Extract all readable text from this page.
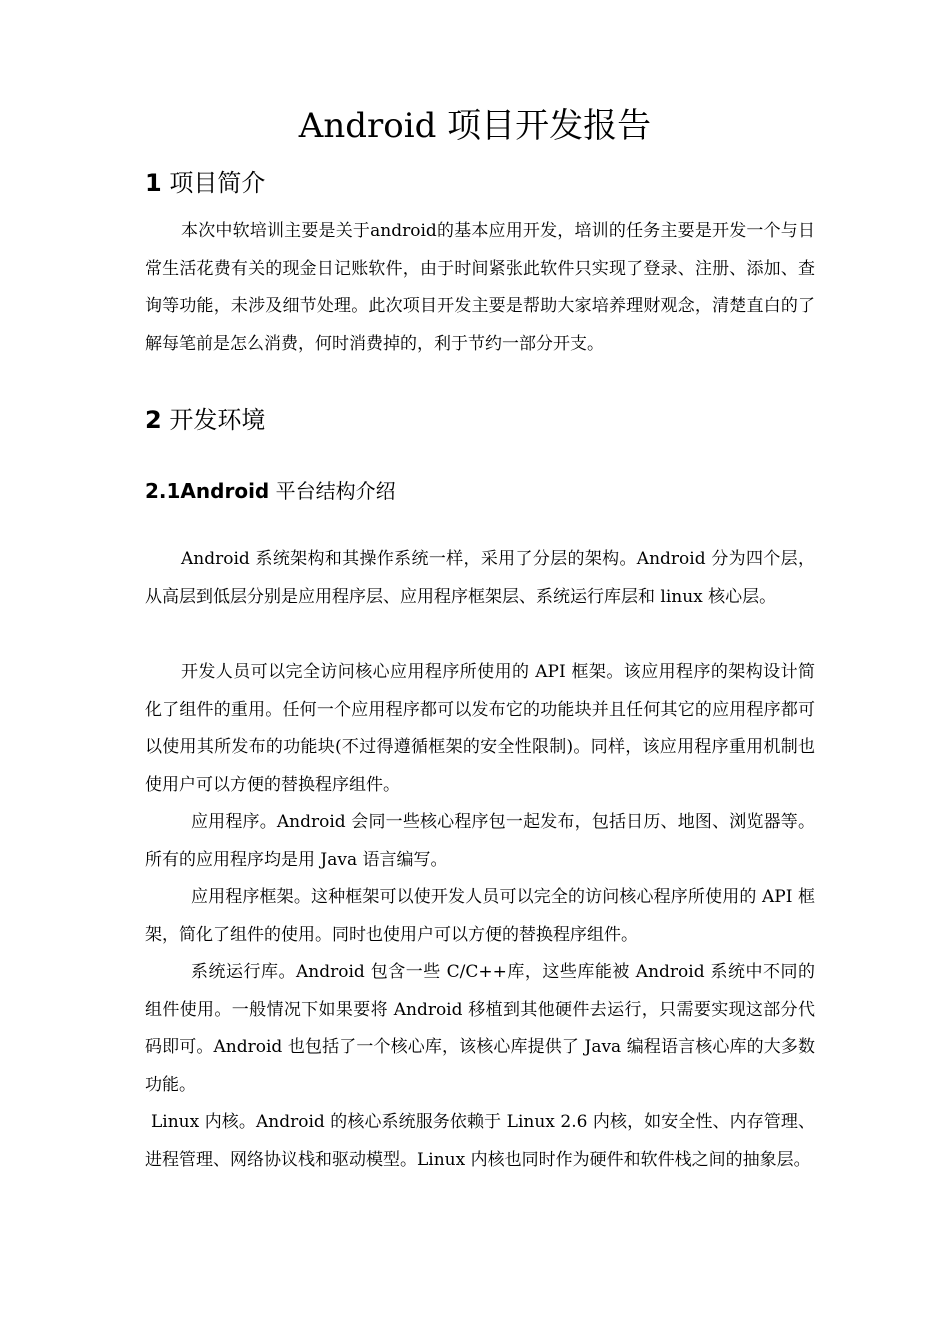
Android 项目开发报告
1 项目简介

本次中软培训主要是关于android的基本应用开发，培训的任务主要是开发一个与日常生活花费有关的现金日记账软件，由于时间紧张此软件只实现了登录、注册、添加、查询等功能，未涉及细节处理。此次项目开发主要是帮助大家培养理财观念，清楚直白的了解每笔前是怎么消费，何时消费掉的，利于节约一部分开支。

2 开发环境
2.1Android 平台结构介绍

Android 系统架构和其操作系统一样，采用了分层的架构。Android 分为四个层，从高层到低层分别是应用程序层、应用程序框架层、系统运行库层和 linux 核心层。

开发人员可以完全访问核心应用程序所使用的 API 框架。该应用程序的架构设计简化了组件的重用。任何一个应用程序都可以发布它的功能块并且任何其它的应用程序都可以使用其所发布的功能块(不过得遵循框架的安全性限制)。同样，该应用程序重用机制也使用户可以方便的替换程序组件。

应用程序。Android 会同一些核心程序包一起发布，包括日历、地图、浏览器等。所有的应用程序均是用 Java 语言编写。

应用程序框架。这种框架可以使开发人员可以完全的访问核心程序所使用的 API 框架，简化了组件的使用。同时也使用户可以方便的替换程序组件。

系统运行库。Android 包含一些 C/C++库，这些库能被 Android 系统中不同的组件使用。一般情况下如果要将 Android 移植到其他硬件去运行，只需要实现这部分代码即可。Android 也包括了一个核心库，该核心库提供了 Java 编程语言核心库的大多数功能。

Linux 内核。Android 的核心系统服务依赖于 Linux 2.6 内核，如安全性、内存管理、进程管理、网络协议栈和驱动模型。Linux 内核也同时作为硬件和软件栈之间的抽象层。
